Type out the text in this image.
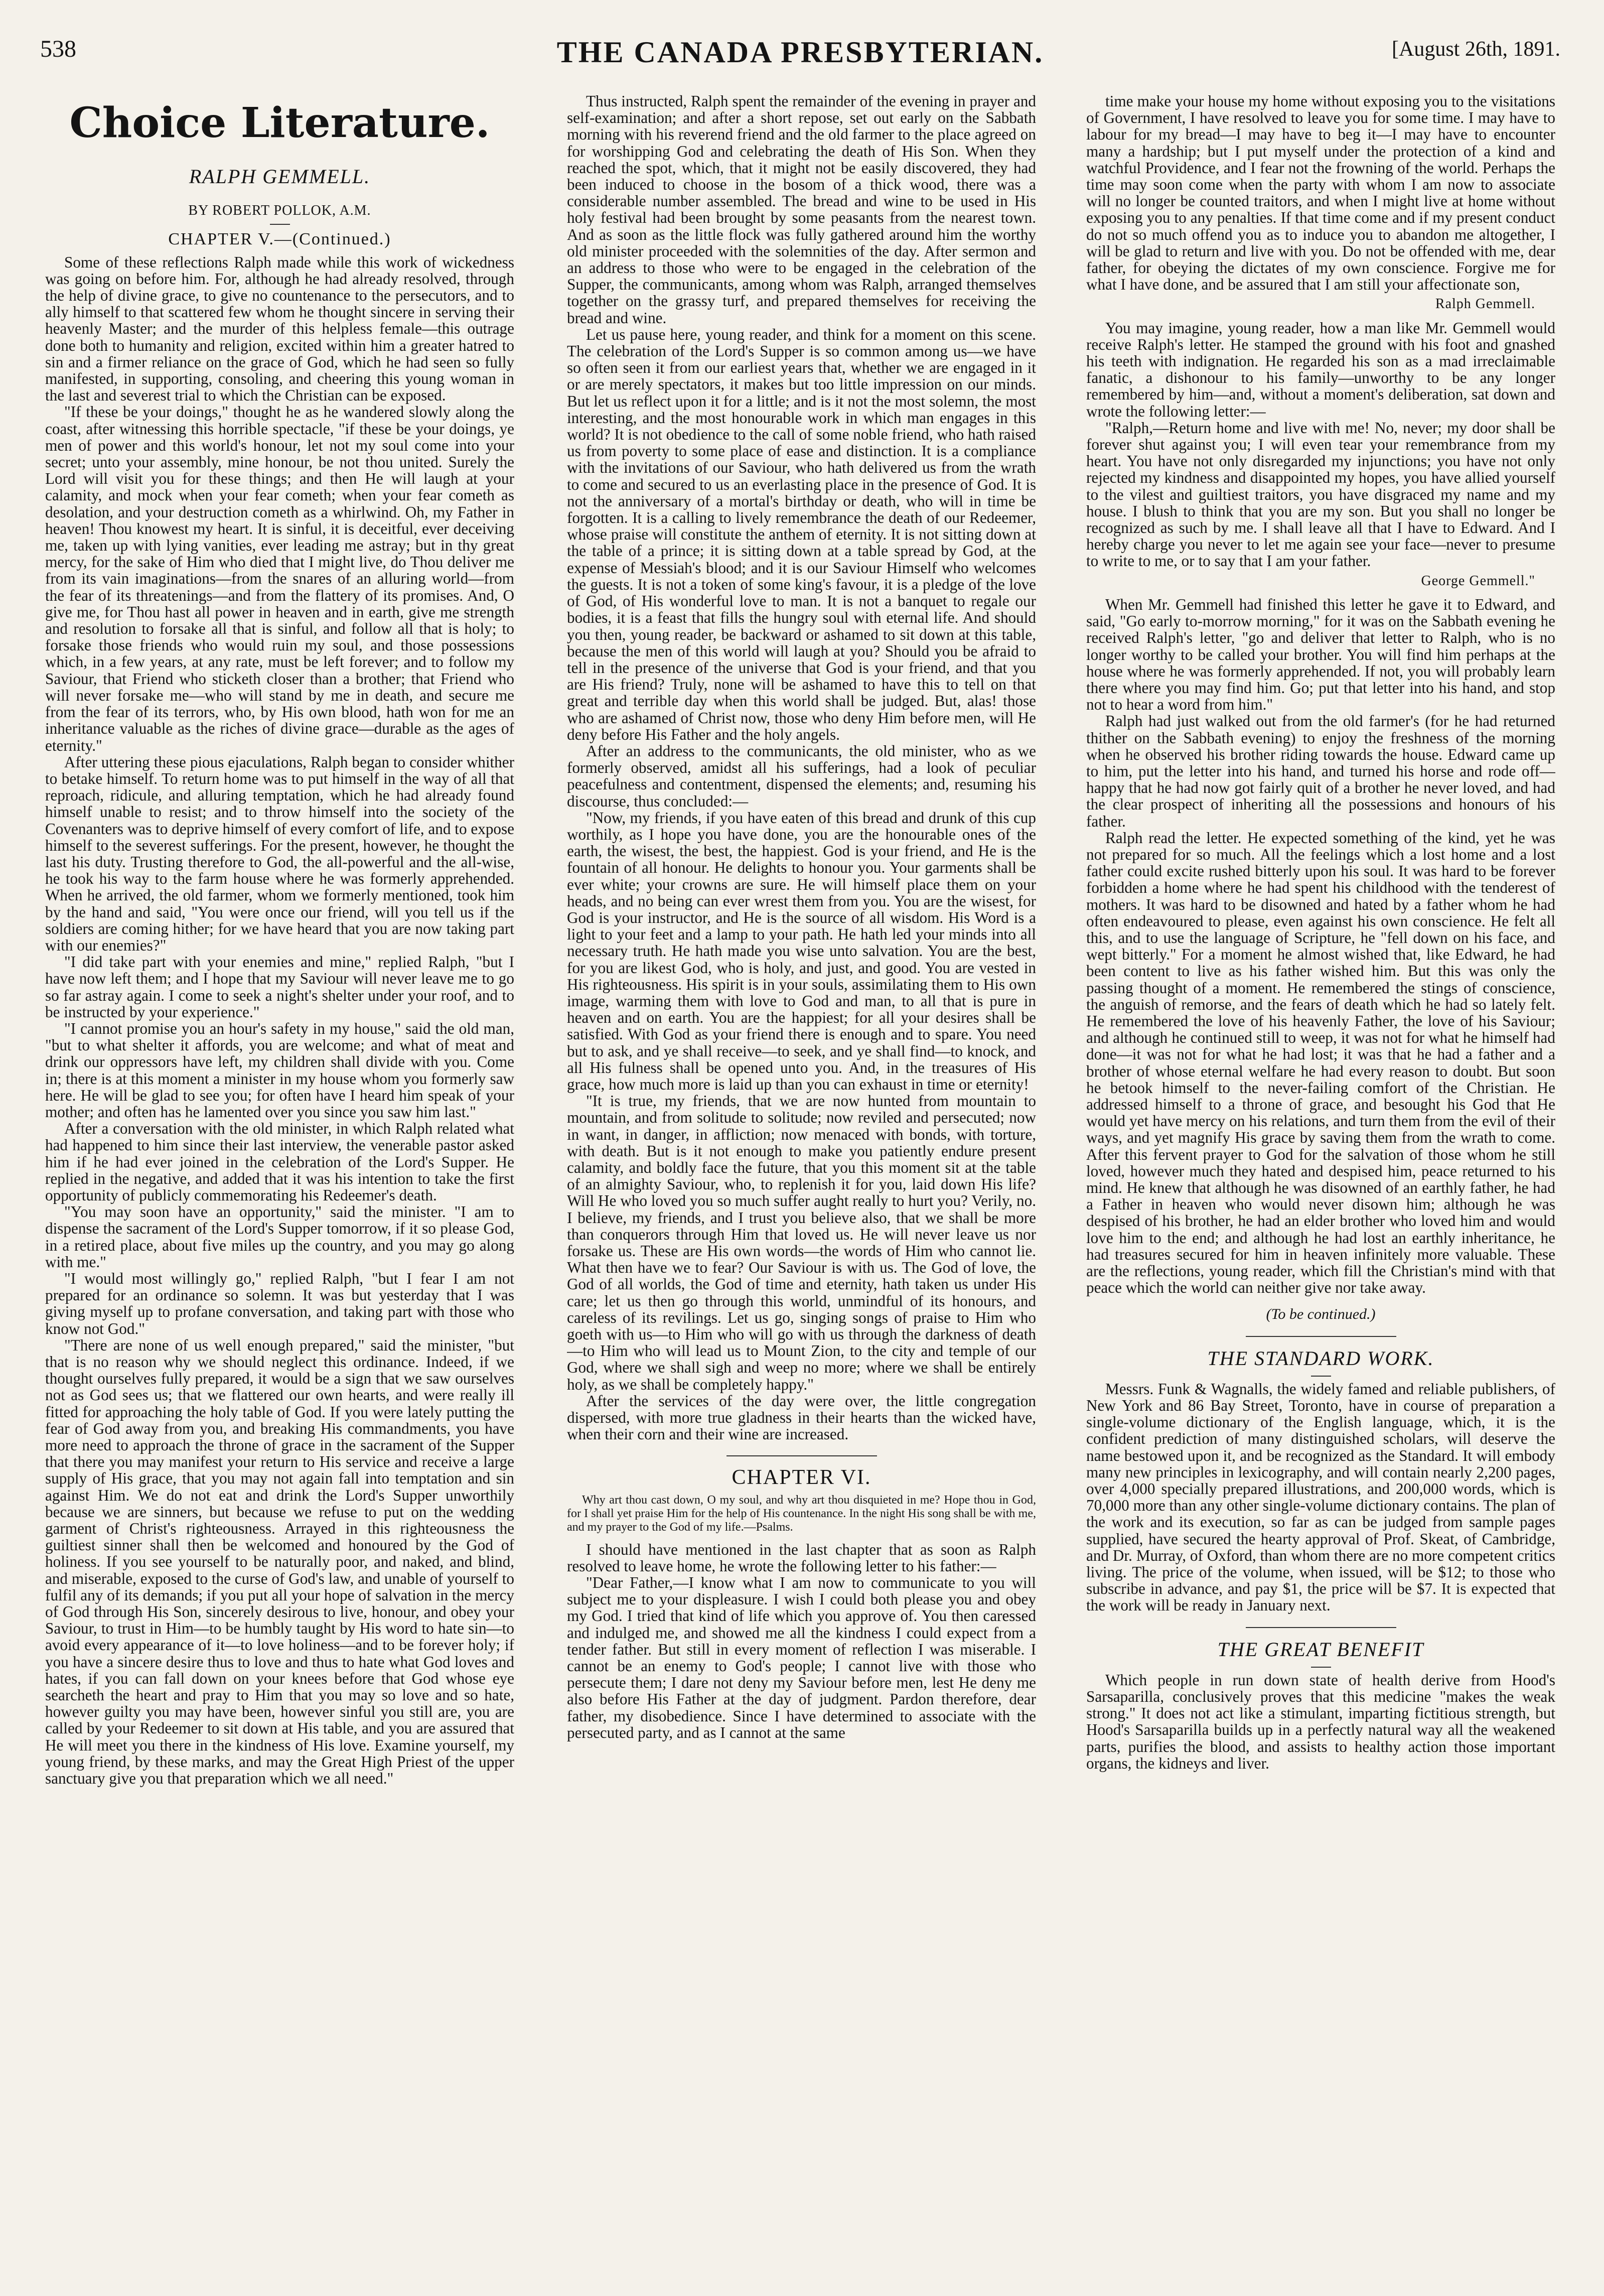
538	THE CANADA PRESBYTERIAN.	[August 26th, 1891.
Choice Literature.
RALPH GEMMELL.
BY ROBERT POLLOK, A.M.
CHAPTER V.—(Continued.)

Some of these reflections Ralph made while this work of wickedness was going on before him. For, although he had already resolved, through the help of divine grace, to give no countenance to the persecutors, and to ally himself to that scattered few whom he thought sincere in serving their heavenly Master; and the murder of this helpless female—this outrage done both to humanity and religion, excited within him a greater hatred to sin and a firmer reliance on the grace of God, which he had seen so fully manifested, in supporting, consoling, and cheering this young woman in the last and severest trial to which the Christian can be exposed.

"If these be your doings," thought he as he wandered slowly along the coast, after witnessing this horrible spectacle, "if these be your doings, ye men of power and this world's honour, let not my soul come into your secret; unto your assembly, mine honour, be not thou united. Surely the Lord will visit you for these things; and then He will laugh at your calamity, and mock when your fear cometh; when your fear cometh as desolation, and your destruction cometh as a whirlwind. Oh, my Father in heaven! Thou knowest my heart. It is sinful, it is deceitful, ever deceiving me, taken up with lying vanities, ever leading me astray; but in thy great mercy, for the sake of Him who died that I might live, do Thou deliver me from its vain imaginations—from the snares of an alluring world—from the fear of its threatenings—and from the flattery of its promises. And, O give me, for Thou hast all power in heaven and in earth, give me strength and resolution to forsake all that is sinful, and follow all that is holy; to forsake those friends who would ruin my soul, and those possessions which, in a few years, at any rate, must be left forever; and to follow my Saviour, that Friend who sticketh closer than a brother; that Friend who will never forsake me—who will stand by me in death, and secure me from the fear of its terrors, who, by His own blood, hath won for me an inheritance valuable as the riches of divine grace—durable as the ages of eternity."

After uttering these pious ejaculations, Ralph began to consider whither to betake himself. To return home was to put himself in the way of all that reproach, ridicule, and alluring temptation, which he had already found himself unable to resist; and to throw himself into the society of the Covenanters was to deprive himself of every comfort of life, and to expose himself to the severest sufferings. For the present, however, he thought the last his duty. Trusting therefore to God, the all-powerful and the all-wise, he took his way to the farm house where he was formerly apprehended. When he arrived, the old farmer, whom we formerly mentioned, took him by the hand and said, "You were once our friend, will you tell us if the soldiers are coming hither; for we have heard that you are now taking part with our enemies?"

"I did take part with your enemies and mine," replied Ralph, "but I have now left them; and I hope that my Saviour will never leave me to go so far astray again. I come to seek a night's shelter under your roof, and to be instructed by your experience."

"I cannot promise you an hour's safety in my house," said the old man, "but to what shelter it affords, you are welcome; and what of meat and drink our oppressors have left, my children shall divide with you. Come in; there is at this moment a minister in my house whom you formerly saw here. He will be glad to see you; for often have I heard him speak of your mother; and often has he lamented over you since you saw him last."

After a conversation with the old minister, in which Ralph related what had happened to him since their last interview, the venerable pastor asked him if he had ever joined in the celebration of the Lord's Supper. He replied in the negative, and added that it was his intention to take the first opportunity of publicly commemorating his Redeemer's death.

"You may soon have an opportunity," said the minister. "I am to dispense the sacrament of the Lord's Supper tomorrow, if it so please God, in a retired place, about five miles up the country, and you may go along with me."

"I would most willingly go," replied Ralph, "but I fear I am not prepared for an ordinance so solemn. It was but yesterday that I was giving myself up to profane conversation, and taking part with those who know not God."

"There are none of us well enough prepared," said the minister, "but that is no reason why we should neglect this ordinance. Indeed, if we thought ourselves fully prepared, it would be a sign that we saw ourselves not as God sees us; that we flattered our own hearts, and were really ill fitted for approaching the holy table of God. If you were lately putting the fear of God away from you, and breaking His commandments, you have more need to approach the throne of grace in the sacrament of the Supper that there you may manifest your return to His service and receive a large supply of His grace, that you may not again fall into temptation and sin against Him. We do not eat and drink the Lord's Supper unworthily because we are sinners, but because we refuse to put on the wedding garment of Christ's righteousness. Arrayed in this righteousness the guiltiest sinner shall then be welcomed and honoured by the God of holiness. If you see yourself to be naturally poor, and naked, and blind, and miserable, exposed to the curse of God's law, and unable of yourself to fulfil any of its demands; if you put all your hope of salvation in the mercy of God through His Son, sincerely desirous to live, honour, and obey your Saviour, to trust in Him—to be humbly taught by His word to hate sin—to avoid every appearance of it—to love holiness—and to be forever holy; if you have a sincere desire thus to love and thus to hate what God loves and hates, if you can fall down on your knees before that God whose eye searcheth the heart and pray to Him that you may so love and so hate, however guilty you may have been, however sinful you still are, you are called by your Redeemer to sit down at His table, and you are assured that He will meet you there in the kindness of His love. Examine yourself, my young friend, by these marks, and may the Great High Priest of the upper sanctuary give you that preparation which we all need."

Thus instructed, Ralph spent the remainder of the evening in prayer and self-examination; and after a short repose, set out early on the Sabbath morning with his reverend friend and the old farmer to the place agreed on for worshipping God and celebrating the death of His Son. When they reached the spot, which, that it might not be easily discovered, they had been induced to choose in the bosom of a thick wood, there was a considerable number assembled. The bread and wine to be used in His holy festival had been brought by some peasants from the nearest town. And as soon as the little flock was fully gathered around him the worthy old minister proceeded with the solemnities of the day. After sermon and an address to those who were to be engaged in the celebration of the Supper, the communicants, among whom was Ralph, arranged themselves together on the grassy turf, and prepared themselves for receiving the bread and wine.

Let us pause here, young reader, and think for a moment on this scene. The celebration of the Lord's Supper is so common among us—we have so often seen it from our earliest years that, whether we are engaged in it or are merely spectators, it makes but too little impression on our minds. But let us reflect upon it for a little; and is it not the most solemn, the most interesting, and the most honourable work in which man engages in this world? It is not obedience to the call of some noble friend, who hath raised us from poverty to some place of ease and distinction. It is a compliance with the invitations of our Saviour, who hath delivered us from the wrath to come and secured to us an everlasting place in the presence of God. It is not the anniversary of a mortal's birthday or death, who will in time be forgotten. It is a calling to lively remembrance the death of our Redeemer, whose praise will constitute the anthem of eternity. It is not sitting down at the table of a prince; it is sitting down at a table spread by God, at the expense of Messiah's blood; and it is our Saviour Himself who welcomes the guests. It is not a token of some king's favour, it is a pledge of the love of God, of His wonderful love to man. It is not a banquet to regale our bodies, it is a feast that fills the hungry soul with eternal life. And should you then, young reader, be backward or ashamed to sit down at this table, because the men of this world will laugh at you? Should you be afraid to tell in the presence of the universe that God is your friend, and that you are His friend? Truly, none will be ashamed to have this to tell on that great and terrible day when this world shall be judged. But, alas! those who are ashamed of Christ now, those who deny Him before men, will He deny before His Father and the holy angels.

After an address to the communicants, the old minister, who as we formerly observed, amidst all his sufferings, had a look of peculiar peacefulness and contentment, dispensed the elements; and, resuming his discourse, thus concluded:—

"Now, my friends, if you have eaten of this bread and drunk of this cup worthily, as I hope you have done, you are the honourable ones of the earth, the wisest, the best, the happiest. God is your friend, and He is the fountain of all honour. He delights to honour you. Your garments shall be ever white; your crowns are sure. He will himself place them on your heads, and no being can ever wrest them from you. You are the wisest, for God is your instructor, and He is the source of all wisdom. His Word is a light to your feet and a lamp to your path. He hath led your minds into all necessary truth. He hath made you wise unto salvation. You are the best, for you are likest God, who is holy, and just, and good. You are vested in His righteousness. His spirit is in your souls, assimilating them to His own image, warming them with love to God and man, to all that is pure in heaven and on earth. You are the happiest; for all your desires shall be satisfied. With God as your friend there is enough and to spare. You need but to ask, and ye shall receive—to seek, and ye shall find—to knock, and all His fulness shall be opened unto you. And, in the treasures of His grace, how much more is laid up than you can exhaust in time or eternity!

"It is true, my friends, that we are now hunted from mountain to mountain, and from solitude to solitude; now reviled and persecuted; now in want, in danger, in affliction; now menaced with bonds, with torture, with death. But is it not enough to make you patiently endure present calamity, and boldly face the future, that you this moment sit at the table of an almighty Saviour, who, to replenish it for you, laid down His life? Will He who loved you so much suffer aught really to hurt you? Verily, no. I believe, my friends, and I trust you believe also, that we shall be more than conquerors through Him that loved us. He will never leave us nor forsake us. These are His own words—the words of Him who cannot lie. What then have we to fear? Our Saviour is with us. The God of love, the God of all worlds, the God of time and eternity, hath taken us under His care; let us then go through this world, unmindful of its honours, and careless of its revilings. Let us go, singing songs of praise to Him who goeth with us—to Him who will go with us through the darkness of death—to Him who will lead us to Mount Zion, to the city and temple of our God, where we shall sigh and weep no more; where we shall be entirely holy, as we shall be completely happy."

After the services of the day were over, the little congregation dispersed, with more true gladness in their hearts than the wicked have, when their corn and their wine are increased.

CHAPTER VI.

Why art thou cast down, O my soul, and why art thou disquieted in me? Hope thou in God, for I shall yet praise Him for the help of His countenance. In the night His song shall be with me, and my prayer to the God of my life.—Psalms.

I should have mentioned in the last chapter that as soon as Ralph resolved to leave home, he wrote the following letter to his father:—

"Dear Father,—I know what I am now to communicate to you will subject me to your displeasure. I wish I could both please you and obey my God. I tried that kind of life which you approve of. You then caressed and indulged me, and showed me all the kindness I could expect from a tender father. But still in every moment of reflection I was miserable. I cannot be an enemy to God's people; I cannot live with those who persecute them; I dare not deny my Saviour before men, lest He deny me also before His Father at the day of judgment. Pardon therefore, dear father, my disobedience. Since I have determined to associate with the persecuted party, and as I cannot at the same

time make your house my home without exposing you to the visitations of Government, I have resolved to leave you for some time. I may have to labour for my bread—I may have to beg it—I may have to encounter many a hardship; but I put myself under the protection of a kind and watchful Providence, and I fear not the frowning of the world. Perhaps the time may soon come when the party with whom I am now to associate will no longer be counted traitors, and when I might live at home without exposing you to any penalties. If that time come and if my present conduct do not so much offend you as to induce you to abandon me altogether, I will be glad to return and live with you. Do not be offended with me, dear father, for obeying the dictates of my own conscience. Forgive me for what I have done, and be assured that I am still your affectionate son,

Ralph Gemmell.

You may imagine, young reader, how a man like Mr. Gemmell would receive Ralph's letter. He stamped the ground with his foot and gnashed his teeth with indignation. He regarded his son as a mad irreclaimable fanatic, a dishonour to his family—unworthy to be any longer remembered by him—and, without a moment's deliberation, sat down and wrote the following letter:—

"Ralph,—Return home and live with me! No, never; my door shall be forever shut against you; I will even tear your remembrance from my heart. You have not only disregarded my injunctions; you have not only rejected my kindness and disappointed my hopes, you have allied yourself to the vilest and guiltiest traitors, you have disgraced my name and my house. I blush to think that you are my son. But you shall no longer be recognized as such by me. I shall leave all that I have to Edward. And I hereby charge you never to let me again see your face—never to presume to write to me, or to say that I am your father.

George Gemmell."

When Mr. Gemmell had finished this letter he gave it to Edward, and said, "Go early to-morrow morning," for it was on the Sabbath evening he received Ralph's letter, "go and deliver that letter to Ralph, who is no longer worthy to be called your brother. You will find him perhaps at the house where he was formerly apprehended. If not, you will probably learn there where you may find him. Go; put that letter into his hand, and stop not to hear a word from him."

Ralph had just walked out from the old farmer's (for he had returned thither on the Sabbath evening) to enjoy the freshness of the morning when he observed his brother riding towards the house. Edward came up to him, put the letter into his hand, and turned his horse and rode off—happy that he had now got fairly quit of a brother he never loved, and had the clear prospect of inheriting all the possessions and honours of his father.

Ralph read the letter. He expected something of the kind, yet he was not prepared for so much. All the feelings which a lost home and a lost father could excite rushed bitterly upon his soul. It was hard to be forever forbidden a home where he had spent his childhood with the tenderest of mothers. It was hard to be disowned and hated by a father whom he had often endeavoured to please, even against his own conscience. He felt all this, and to use the language of Scripture, he "fell down on his face, and wept bitterly." For a moment he almost wished that, like Edward, he had been content to live as his father wished him. But this was only the passing thought of a moment. He remembered the stings of conscience, the anguish of remorse, and the fears of death which he had so lately felt. He remembered the love of his heavenly Father, the love of his Saviour; and although he continued still to weep, it was not for what he himself had done—it was not for what he had lost; it was that he had a father and a brother of whose eternal welfare he had every reason to doubt. But soon he betook himself to the never-failing comfort of the Christian. He addressed himself to a throne of grace, and besought his God that He would yet have mercy on his relations, and turn them from the evil of their ways, and yet magnify His grace by saving them from the wrath to come. After this fervent prayer to God for the salvation of those whom he still loved, however much they hated and despised him, peace returned to his mind. He knew that although he was disowned of an earthly father, he had a Father in heaven who would never disown him; although he was despised of his brother, he had an elder brother who loved him and would love him to the end; and although he had lost an earthly inheritance, he had treasures secured for him in heaven infinitely more valuable. These are the reflections, young reader, which fill the Christian's mind with that peace which the world can neither give nor take away.

(To be continued.)
THE STANDARD WORK.

Messrs. Funk & Wagnalls, the widely famed and reliable publishers, of New York and 86 Bay Street, Toronto, have in course of preparation a single-volume dictionary of the English language, which, it is the confident prediction of many distinguished scholars, will deserve the name bestowed upon it, and be recognized as the Standard. It will embody many new principles in lexicography, and will contain nearly 2,200 pages, over 4,000 specially prepared illustrations, and 200,000 words, which is 70,000 more than any other single-volume dictionary contains. The plan of the work and its execution, so far as can be judged from sample pages supplied, have secured the hearty approval of Prof. Skeat, of Cambridge, and Dr. Murray, of Oxford, than whom there are no more competent critics living. The price of the volume, when issued, will be $12; to those who subscribe in advance, and pay $1, the price will be $7. It is expected that the work will be ready in January next.

THE GREAT BENEFIT

Which people in run down state of health derive from Hood's Sarsaparilla, conclusively proves that this medicine "makes the weak strong." It does not act like a stimulant, imparting fictitious strength, but Hood's Sarsaparilla builds up in a perfectly natural way all the weakened parts, purifies the blood, and assists to healthy action those important organs, the kidneys and liver.
